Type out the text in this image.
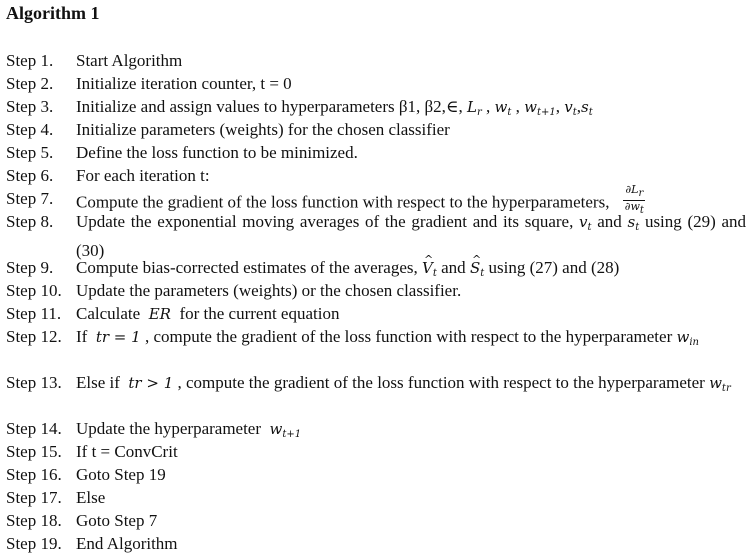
Algorithm 1
Step 1.	Start Algorithm
Step 2.	Initialize iteration counter, t = 0
Step 3.	Initialize and assign values to hyperparameters β1, β2,∈, $L_r$ , $w_t$ , $w_{t+1}$, $v_t,s_t$
Step 4.	Initialize parameters (weights) for the chosen classifier
Step 5.	Define the loss function to be minimized.
Step 6.	For each iteration t:
Step 7.	Compute the gradient of the loss function with respect to the hyperparameters, $\frac{\partial Lr}{\partial wt}$
Step 8.	Update the exponential moving averages of the gradient and its square, $v_t$ and $s_t$ using (29) and (30)
Step 9.	Compute bias-corrected estimates of the averages, ^ $V_t$ and ^ $S_t$ using (27) and (28)
Step 10. Update the parameters (weights) or the chosen classifier.
Step 11. Calculate ER for the current equation
Step 12. If tr = 1 , compute the gradient of the loss function with respect to the hyperparameter $w_{in}$
Step 13. Else if tr > 1 , compute the gradient of the loss function with respect to the hyperparameter $w_{tr}$
Step 14. Update the hyperparameter $w_{t+1}$
Step 15. If t = ConvCrit
Step 16. Goto Step 19
Step 17. Else
Step 18. Goto Step 7
Step 19. End Algorithm
